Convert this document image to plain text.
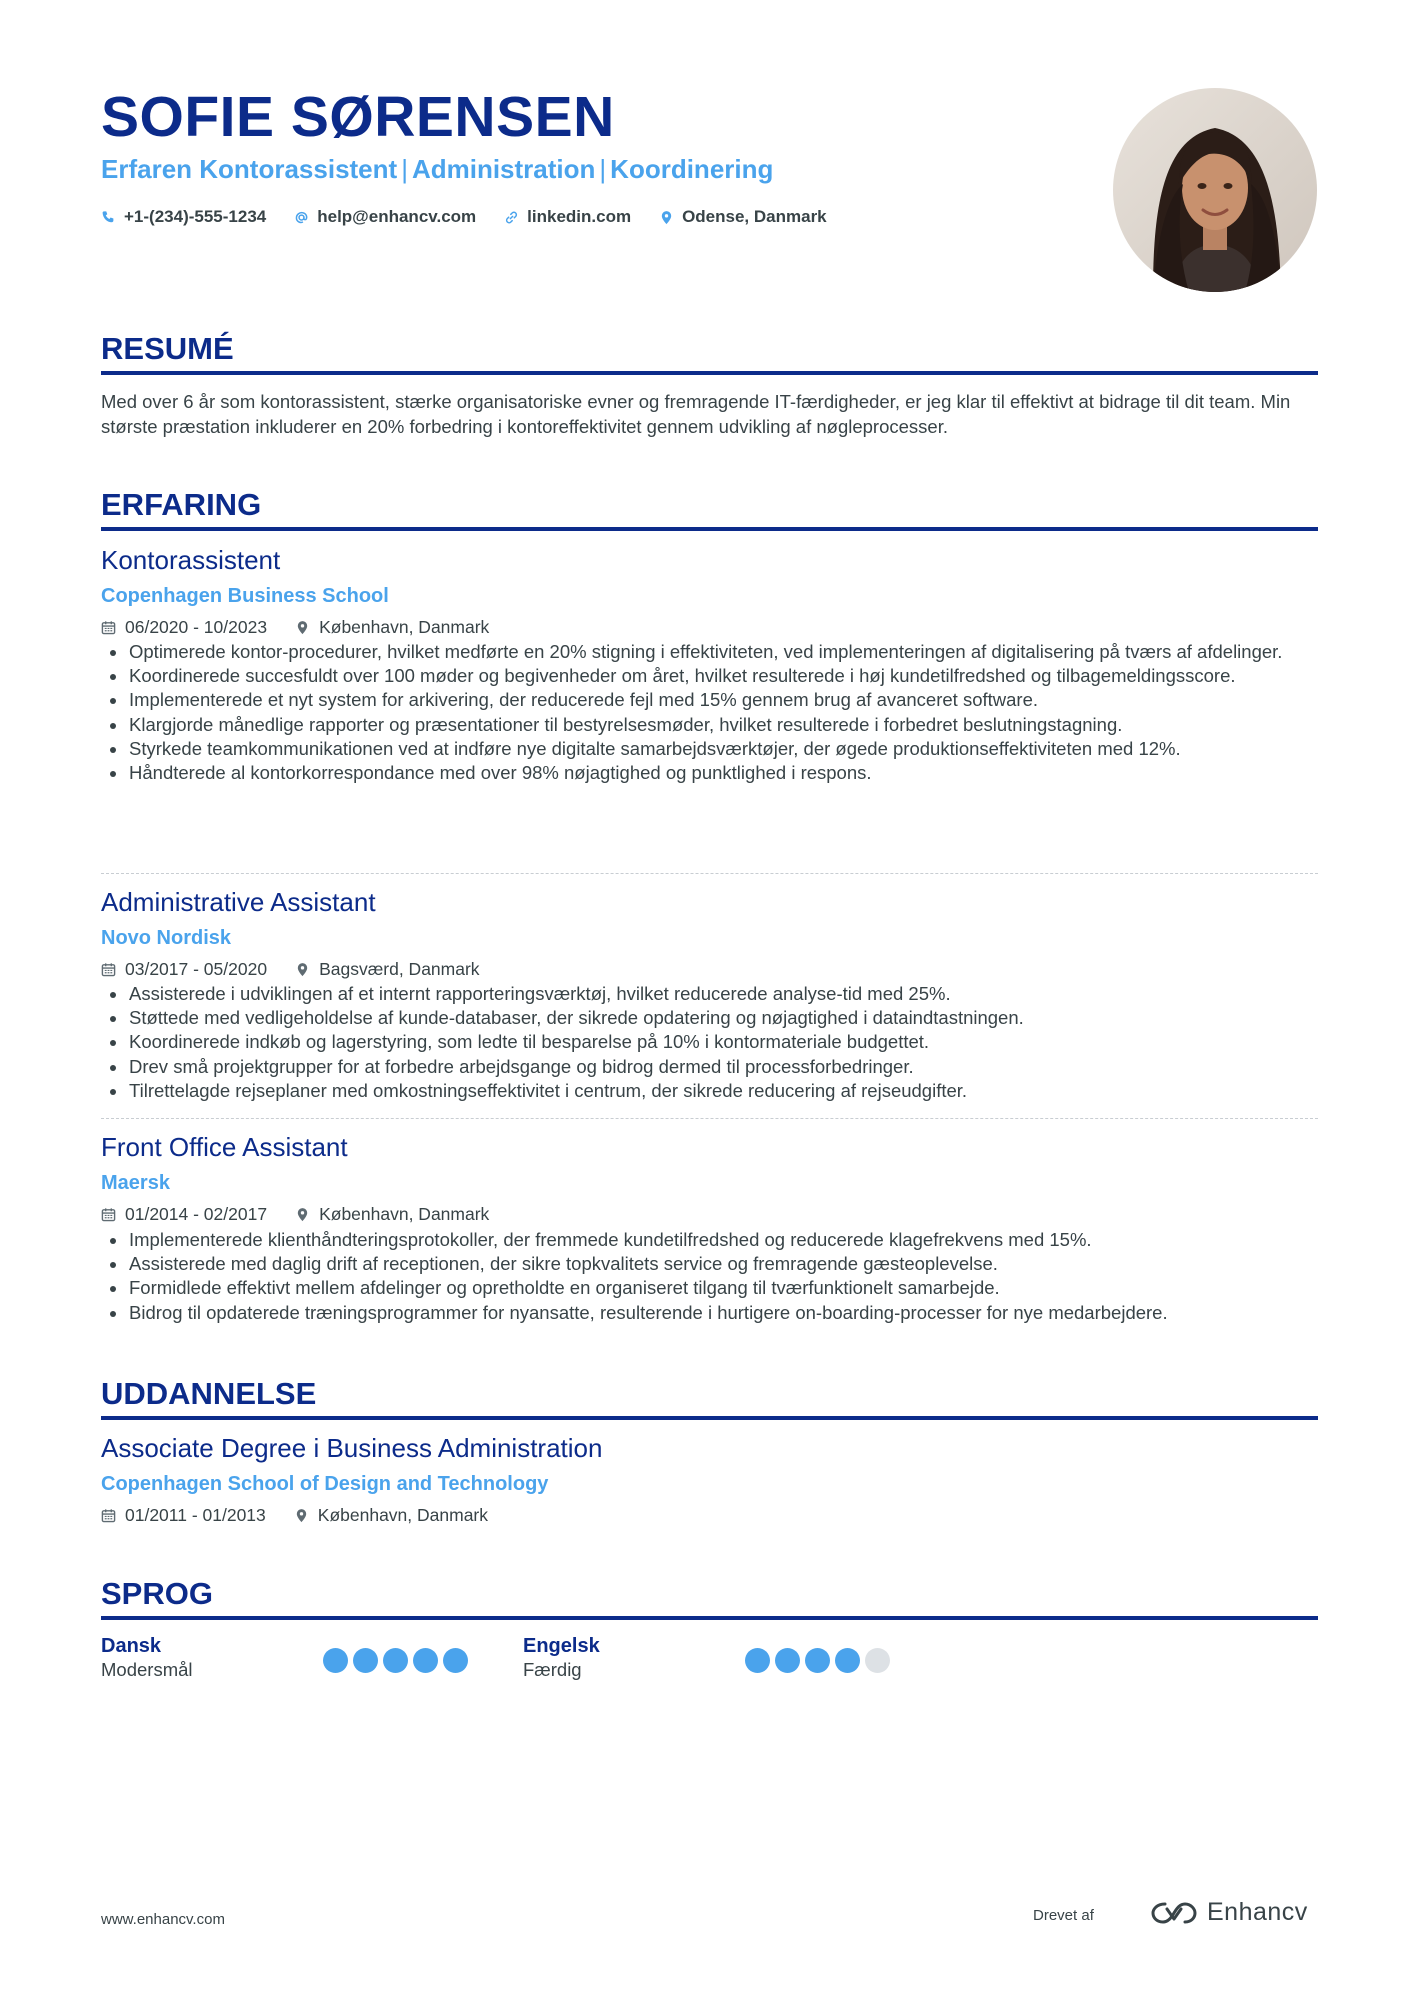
SOFIE SØRENSEN
Erfaren Kontorassistent | Administration | Koordinering
+1-(234)-555-1234	help@enhancv.com	linkedin.com	Odense, Danmark
RESUMÉ

Med over 6 år som kontorassistent, stærke organisatoriske evner og fremragende IT-færdigheder, er jeg klar til effektivt at bidrage til dit team. Min største præstation inkluderer en 20% forbedring i kontoreffektivitet gennem udvikling af nøgleprocesser.

ERFARING
Kontorassistent
Copenhagen Business School
06/2020 - 10/2023	København, Danmark
Optimerede kontor-procedurer, hvilket medførte en 20% stigning i effektiviteten, ved implementeringen af digitalisering på tværs af afdelinger.
Koordinerede succesfuldt over 100 møder og begivenheder om året, hvilket resulterede i høj kundetilfredshed og tilbagemeldingsscore.
Implementerede et nyt system for arkivering, der reducerede fejl med 15% gennem brug af avanceret software.
Klargjorde månedlige rapporter og præsentationer til bestyrelsesmøder, hvilket resulterede i forbedret beslutningstagning.
Styrkede teamkommunikationen ved at indføre nye digitalte samarbejdsværktøjer, der øgede produktionseffektiviteten med 12%.
Håndterede al kontorkorrespondance med over 98% nøjagtighed og punktlighed i respons.
Administrative Assistant
Novo Nordisk
03/2017 - 05/2020	Bagsværd, Danmark
Assisterede i udviklingen af et internt rapporteringsværktøj, hvilket reducerede analyse-tid med 25%.
Støttede med vedligeholdelse af kunde-databaser, der sikrede opdatering og nøjagtighed i dataindtastningen.
Koordinerede indkøb og lagerstyring, som ledte til besparelse på 10% i kontormateriale budgettet.
Drev små projektgrupper for at forbedre arbejdsgange og bidrog dermed til processforbedringer.
Tilrettelagde rejseplaner med omkostningseffektivitet i centrum, der sikrede reducering af rejseudgifter.
Front Office Assistant
Maersk
01/2014 - 02/2017	København, Danmark
Implementerede klienthåndteringsprotokoller, der fremmede kundetilfredshed og reducerede klagefrekvens med 15%.
Assisterede med daglig drift af receptionen, der sikre topkvalitets service og fremragende gæsteoplevelse.
Formidlede effektivt mellem afdelinger og opretholdte en organiseret tilgang til tværfunktionelt samarbejde.
Bidrog til opdaterede træningsprogrammer for nyansatte, resulterende i hurtigere on-boarding-processer for nye medarbejdere.
UDDANNELSE
Associate Degree i Business Administration
Copenhagen School of Design and Technology
01/2011 - 01/2013	København, Danmark
SPROG
Dansk
Modersmål
Engelsk
Færdig
www.enhancv.com	Drevet af	Enhancv
